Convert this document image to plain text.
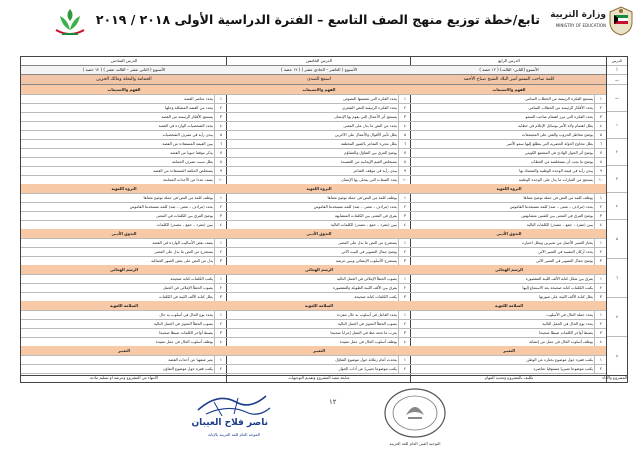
وزارة التربية
MINISTRY OF EDUCATION
تابع/خطة توزيع منهج الصف التاسع – الفترة الدراسية الأولى ٢٠١٨ / ٢٠١٩
الدرس الرابع
الأسبوع (الثاني- الثالث) ( ١٢ حصة )
كلمة صاحب السمو أمير البلاد الشيخ صباح الأحمد
الفهم والاستيعاب
١
يستنتج الفكرة الرئيسة من الخطاب السامي
٢
يحدد الأفكار الرئيسة من الخطاب السامي
٣
يحدد الفكرة التي تبرز اهتمام صاحب السمو
٤
يعلل اهتمام ولاة الأمر بوسائل الإعلام في خطابه
٥
يوضح مخاطر الحروب والفتن على المجتمعات
٦
يعلل مخاوج الدولة الحضرية التي يتطلع إليها سمو الأمير
٧
يوضح أثر الحوار الهادئ في المجتمع الكويتي
٨
يوضح ما يجب أن نستخلصه من الخطاب
٩
يبدي رأيه في قيمة الوحدة الوطنية والتمسك بها
١٠
يستنتج من العبارات ما يدل على الوحدة الوطنية
الثروة اللغوية
١
يوظف كلمة من النص في جملة توضح معناها
٢
يحدد (مرادف – معنى – ضد) كلمة مستخدما القاموس
٣
يوضح الفرق في المعنى بين كلمتين متشابهتين
٤
يبين (مفرد – جمع – مصدر) الكلمات التالية
التذوق الأدبي
١
يختار التعبير الأجمل من تعبيرين ويعلل اختياره
٢
يحدد أركان التشبيه في التعبير الآتي
٣
يوضح جمال التصوير في التعبير الآتي
الرسم الهجائي
١
يفرق بين شكل كتابة الألف اللينة المقصورة
٢
يكتب الكلمات كتابة صحيحة بعد الاستماع إليها
٣
يعلل كتابة الألف اللينة على صورتها
السلامة اللغوية
١
يحدد جملة الحال في الأسلوب
٢
يحدد نوع الحال في الجمل التالية
٣
يضبط أواخر الكلمات ضبطا صحيحا
٤
يوظف أسلوب الحال في جمل من إنشائه
التعبير
١
يكتب فقرة حول موضوع يختاره عن الوطن
٢
يكتب موضوعا تعبيريا مستوفيا عناصره
الدرس الخامس
الأسبوع ( العاشر – الحادي عشر ) ( ١٢ حصة )
اسمع الصدى
الفهم والاستيعاب
١
يحدد الفكرة التي تتضمنها النصوص
٢
يحدد الفكرة الرئيسة للنص الشعري
٣
يستنتج أثر الأعمال التي يقوم بها الإنسان
٤
يحدد من النص ما يدل على المعنى
٥
يعلل تأثير الأقوال والأعمال على الآخرين
٦
يعلل مجيء الشاعر بالصور المختلفة
٧
يوضح الفرق بين التفاؤل والتشاؤم
٨
يستخلص القيم الإيجابية من القصيدة
٩
يبدي رأيه في موقف الشاعر
١٠
يعدد الصفات التي يتحلى بها الإنسان
الثروة اللغوية
١
يوظف كلمة من النص في جملة توضح معناها
٢
يحدد (مرادف – معنى – ضد) كلمة مستخدما القاموس
٣
يفرق في المعنى بين الكلمات المتشابهة
٤
يبين (مفرد – جمع – مصدر) الكلمات التالية
التذوق الأدبي
١
يستخرج من النص ما يدل على المعنى
٢
يوضح جمال التصوير في البيت الآتي
٣
يستخرج الأسلوب الإنشائي ويبين غرضه
الرسم الهجائي
١
يصوب الخطأ الإملائي في الجمل التالية
٢
يفرق بين الألف اللينة الطويلة والمقصورة
٣
يكتب الكلمات كتابة صحيحة
السلامة اللغوية
١
يحدد الفاعل في أسلوب به حال مفردة
٢
يصوب الخطأ النحوي في الجمل التالية
٣
يعرب ما تحته خط في الجمل إعرابا صحيحا
٤
يوظف أسلوب الحال في جمل مفيدة
التعبير
١
يتحدث أمام زملائه حول موضوع التفاؤل
٢
يكتب موضوعا تعبيريا عن آداب الحوار
الدرس السادس
الأسبوع ( الثاني عشر – الثالث عشر ) ( ١٢ حصة )
الحمامة والنحلة ومالك الحزين
الفهم والاستيعاب
١
يحدد عناصر القصة
٢
يحدد من القصة المشكلة وحلها
٣
يستنتج الأفكار الرئيسة من القصة
٤
يحدد الشخصيات الواردة في القصة
٥
يبدي رأيه في تصرف الشخصيات
٦
يبين القيمة المستفادة من القصة
٧
يذكر موقفا حيويا من القصة
٨
يعلل سبب تصرف الحمامة
٩
يستخلص الحكمة المستفادة من القصة
١٠
يصف عددا من الأحداث المتتابعة
الثروة اللغوية
١
يوظف كلمة من النص في جملة توضح معناها
٢
يحدد (مرادف – معنى – ضد) كلمة مستخدما القاموس
٣
يوضح الفرق بين الكلمات في المعنى
٤
يبين (مفرد – جمع – مصدر) الكلمات
التذوق الأدبي
١
يصف بعض الأساليب الواردة في القصة
٢
يستخرج من النص ما يدل على المعنى
٣
يدل من النص على بعض الصور الجمالية
الرسم الهجائي
١
يكتب الكلمات كتابة صحيحة
٢
يصوب الخطأ الإملائي في الجمل
٣
يعلل كتابة الألف اللينة في الكلمات
السلامة اللغوية
١
يحدد نوع الحال في أسلوب به حال
٢
يصوب الخطأ النحوي في الجمل التالية
٣
يضبط أواخر الكلمات ضبطا صحيحا
٤
يوظف أسلوب الحال في جمل مفيدة
التعبير
١
يعبر شفهيا عن أحداث القصة
٢
يكتب فقرة حول موضوع التعاون
الدرس
أ
ب
ت
١
٢
٣
٤
٥
٦
٧
٨
المشروع والأداء
تكليف بالمشروع وتحديد المهام
متابعة تنفيذ المشروع وتقديم التوجيهات
الانتهاء من المشروع وعرضه أو تسليم مادته
ناصر فلاح العيبان
الموجه العام للغة العربية بالإنابة
١٢
التوجيه الفني العام للغة العربية
